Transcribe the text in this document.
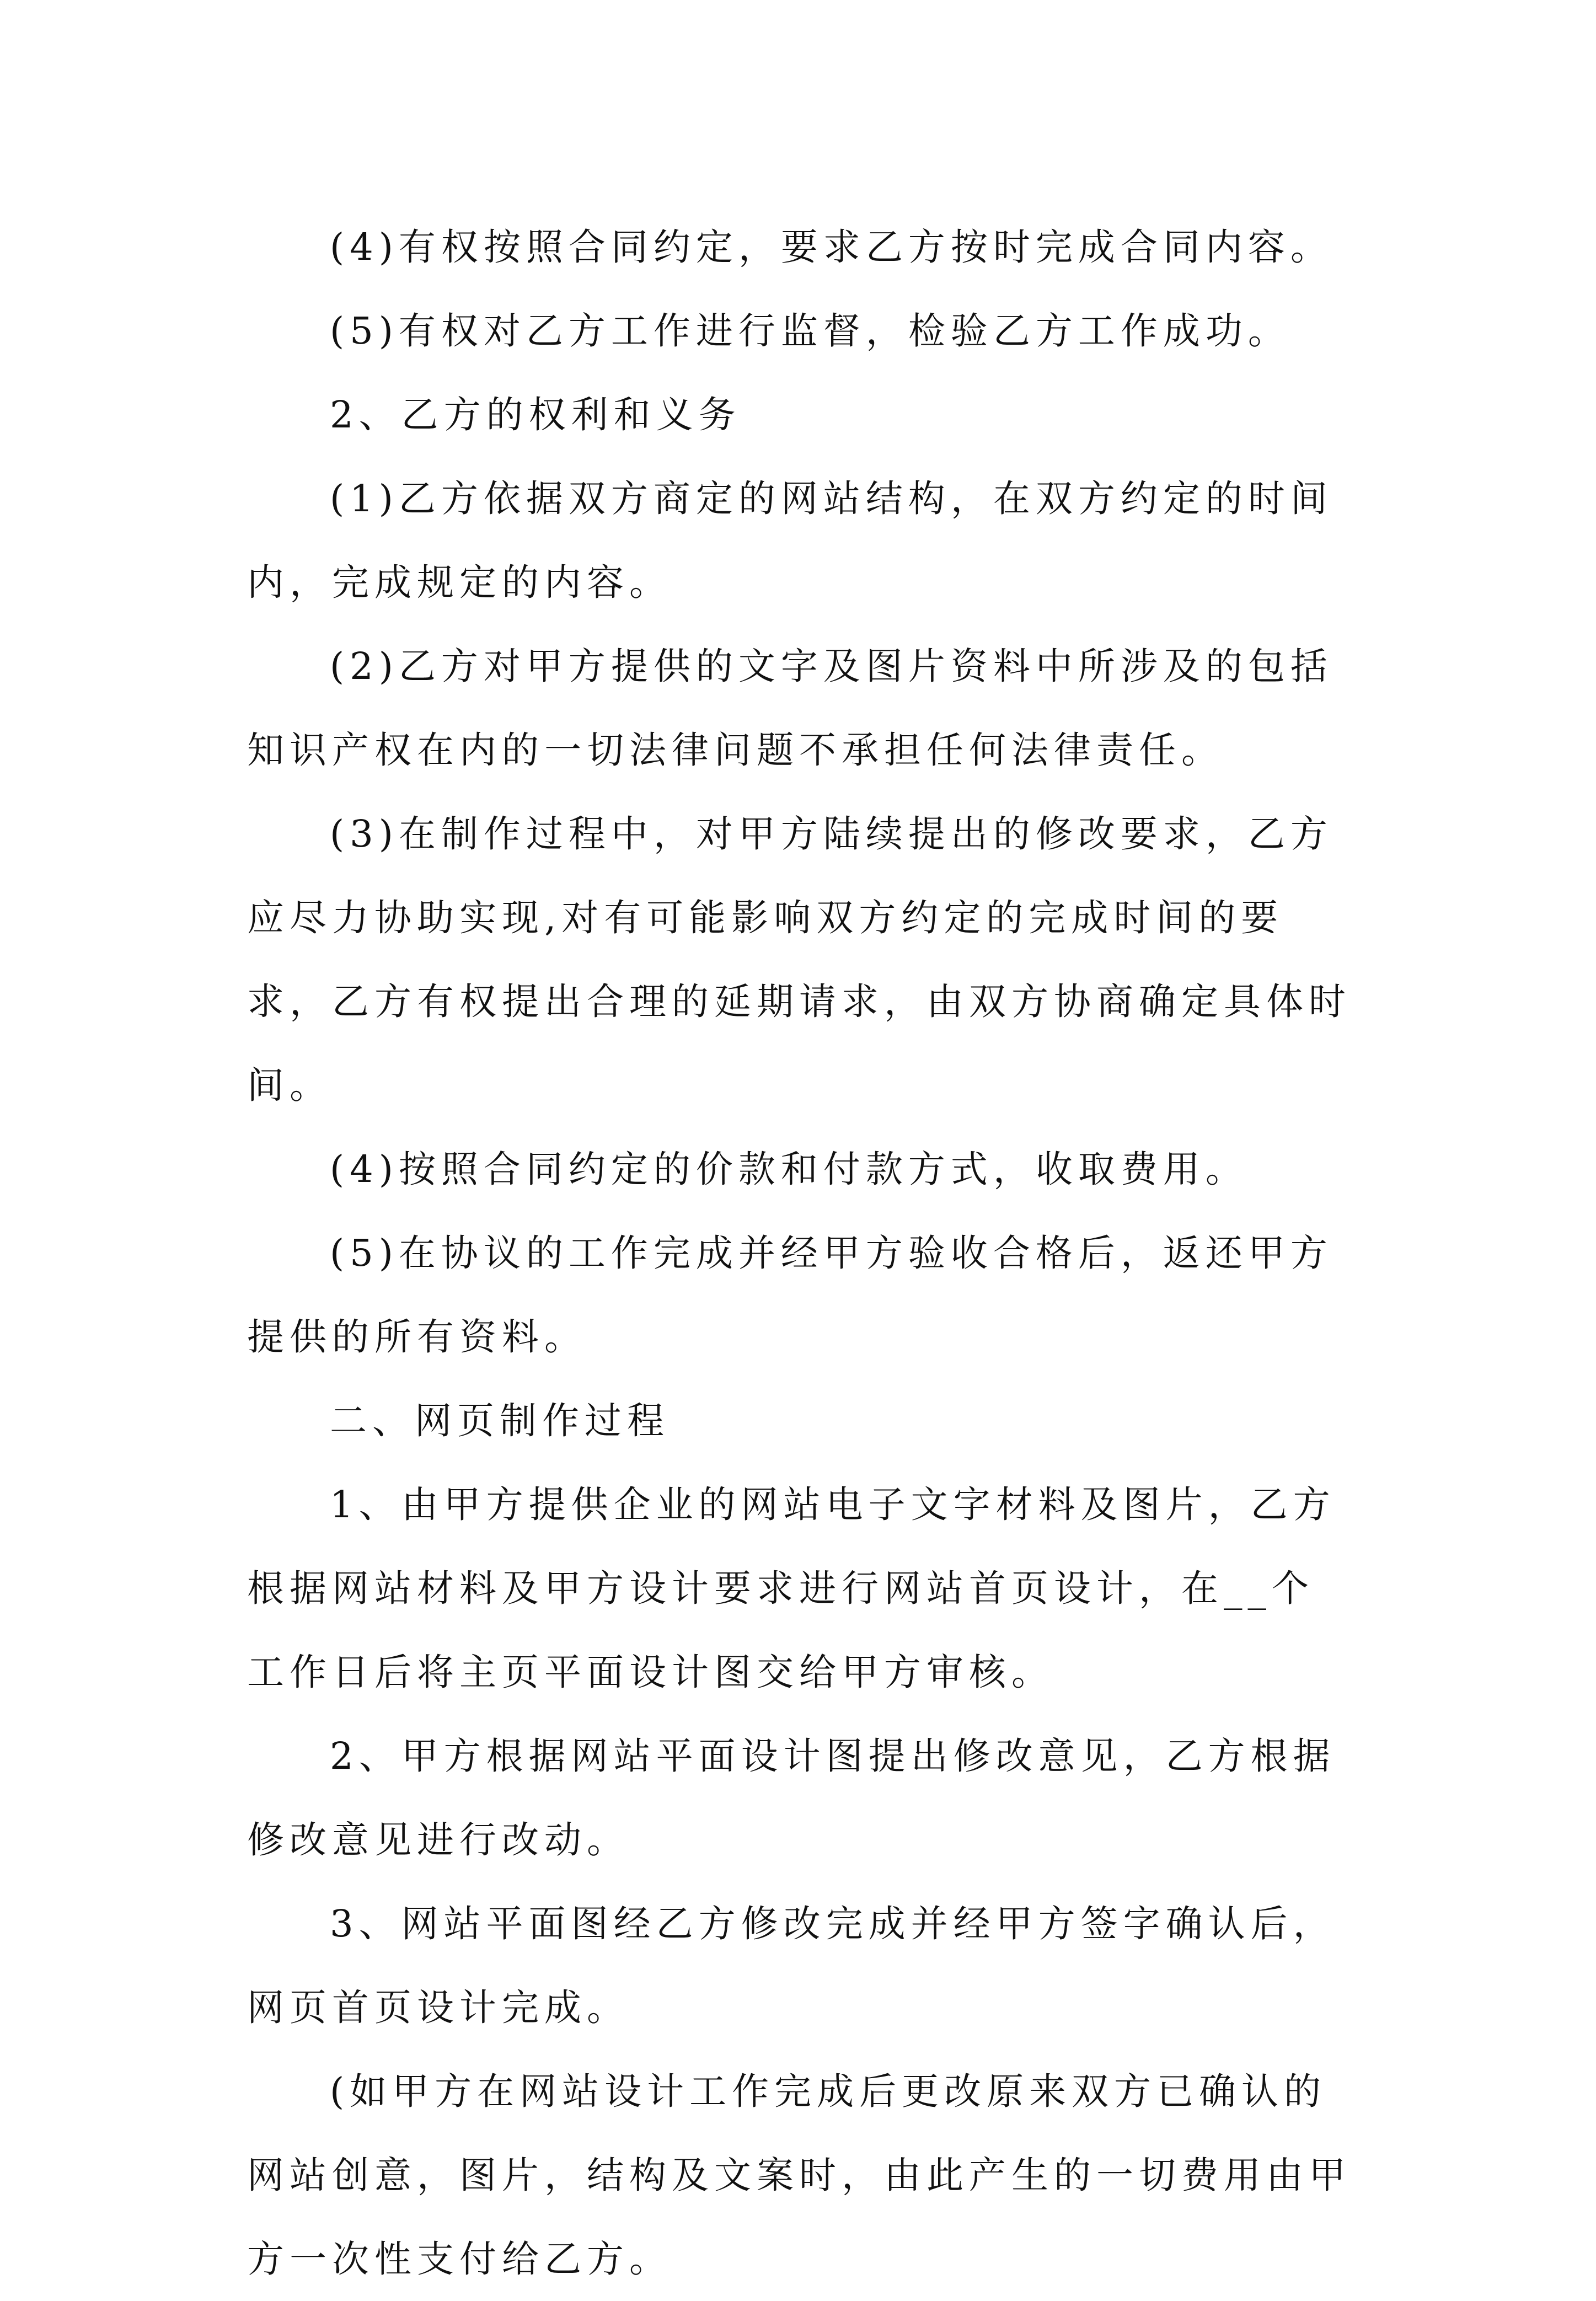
(4)有权按照合同约定，要求乙方按时完成合同内容。

(5)有权对乙方工作进行监督，检验乙方工作成功。

2、乙方的权利和义务

(1)乙方依据双方商定的网站结构，在双方约定的时间内，完成规定的内容。

(2)乙方对甲方提供的文字及图片资料中所涉及的包括知识产权在内的一切法律问题不承担任何法律责任。

(3)在制作过程中，对甲方陆续提出的修改要求，乙方应尽力协助实现,对有可能影响双方约定的完成时间的要求，乙方有权提出合理的延期请求，由双方协商确定具体时间。

(4)按照合同约定的价款和付款方式，收取费用。

(5)在协议的工作完成并经甲方验收合格后，返还甲方提供的所有资料。

二、网页制作过程

1、由甲方提供企业的网站电子文字材料及图片，乙方根据网站材料及甲方设计要求进行网站首页设计，在__个工作日后将主页平面设计图交给甲方审核。

2、甲方根据网站平面设计图提出修改意见，乙方根据修改意见进行改动。

3、网站平面图经乙方修改完成并经甲方签字确认后，网页首页设计完成。

(如甲方在网站设计工作完成后更改原来双方已确认的网站创意，图片，结构及文案时，由此产生的一切费用由甲方一次性支付给乙方。
